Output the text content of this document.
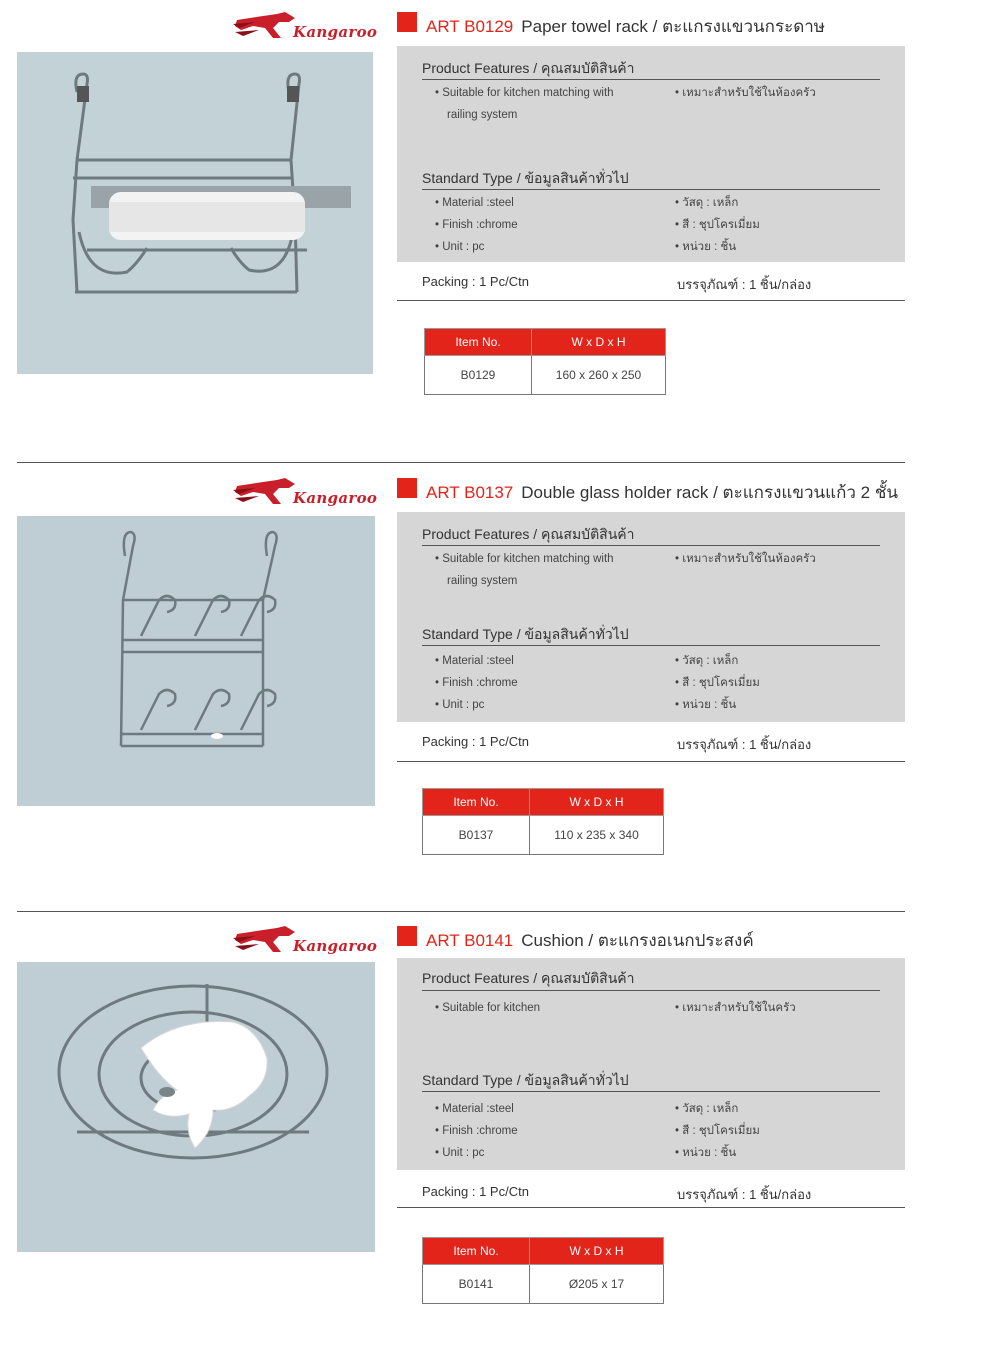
Kangaroo	ART B0129 Paper towel rack / ตะแกรงแขวนกระดาษ
Product Features / คุณสมบัติสินค้า
• Suitable for kitchen matching with
railing system
• เหมาะสำหรับใช้ในห้องครัว
Standard Type / ข้อมูลสินค้าทั่วไป
• Material :steel
• Finish :chrome
• Unit : pc
• วัสดุ : เหล็ก
• สี : ชุปโครเมี่ยม
• หน่วย : ชิ้น
Packing : 1 Pc/Ctn	บรรจุภัณฑ์ : 1 ชิ้น/กล่อง
Item No.	W x D x H
B0129	160 x 260 x 250
Kangaroo	ART B0137 Double glass holder rack / ตะแกรงแขวนแก้ว 2 ชั้น
Product Features / คุณสมบัติสินค้า
• Suitable for kitchen matching with
railing system
• เหมาะสำหรับใช้ในห้องครัว
Standard Type / ข้อมูลสินค้าทั่วไป
• Material :steel
• Finish :chrome
• Unit : pc
• วัสดุ : เหล็ก
• สี : ชุปโครเมี่ยม
• หน่วย : ชิ้น
Packing : 1 Pc/Ctn	บรรจุภัณฑ์ : 1 ชิ้น/กล่อง
Item No.	W x D x H
B0137	110 x 235 x 340
Kangaroo	ART B0141 Cushion / ตะแกรงอเนกประสงค์
Product Features / คุณสมบัติสินค้า
• Suitable for kitchen	• เหมาะสำหรับใช้ในครัว
Standard Type / ข้อมูลสินค้าทั่วไป
• Material :steel
• Finish :chrome
• Unit : pc
• วัสดุ : เหล็ก
• สี : ชุปโครเมี่ยม
• หน่วย : ชิ้น
Packing : 1 Pc/Ctn	บรรจุภัณฑ์ : 1 ชิ้น/กล่อง
Item No.	W x D x H
B0141	Ø205 x 17
